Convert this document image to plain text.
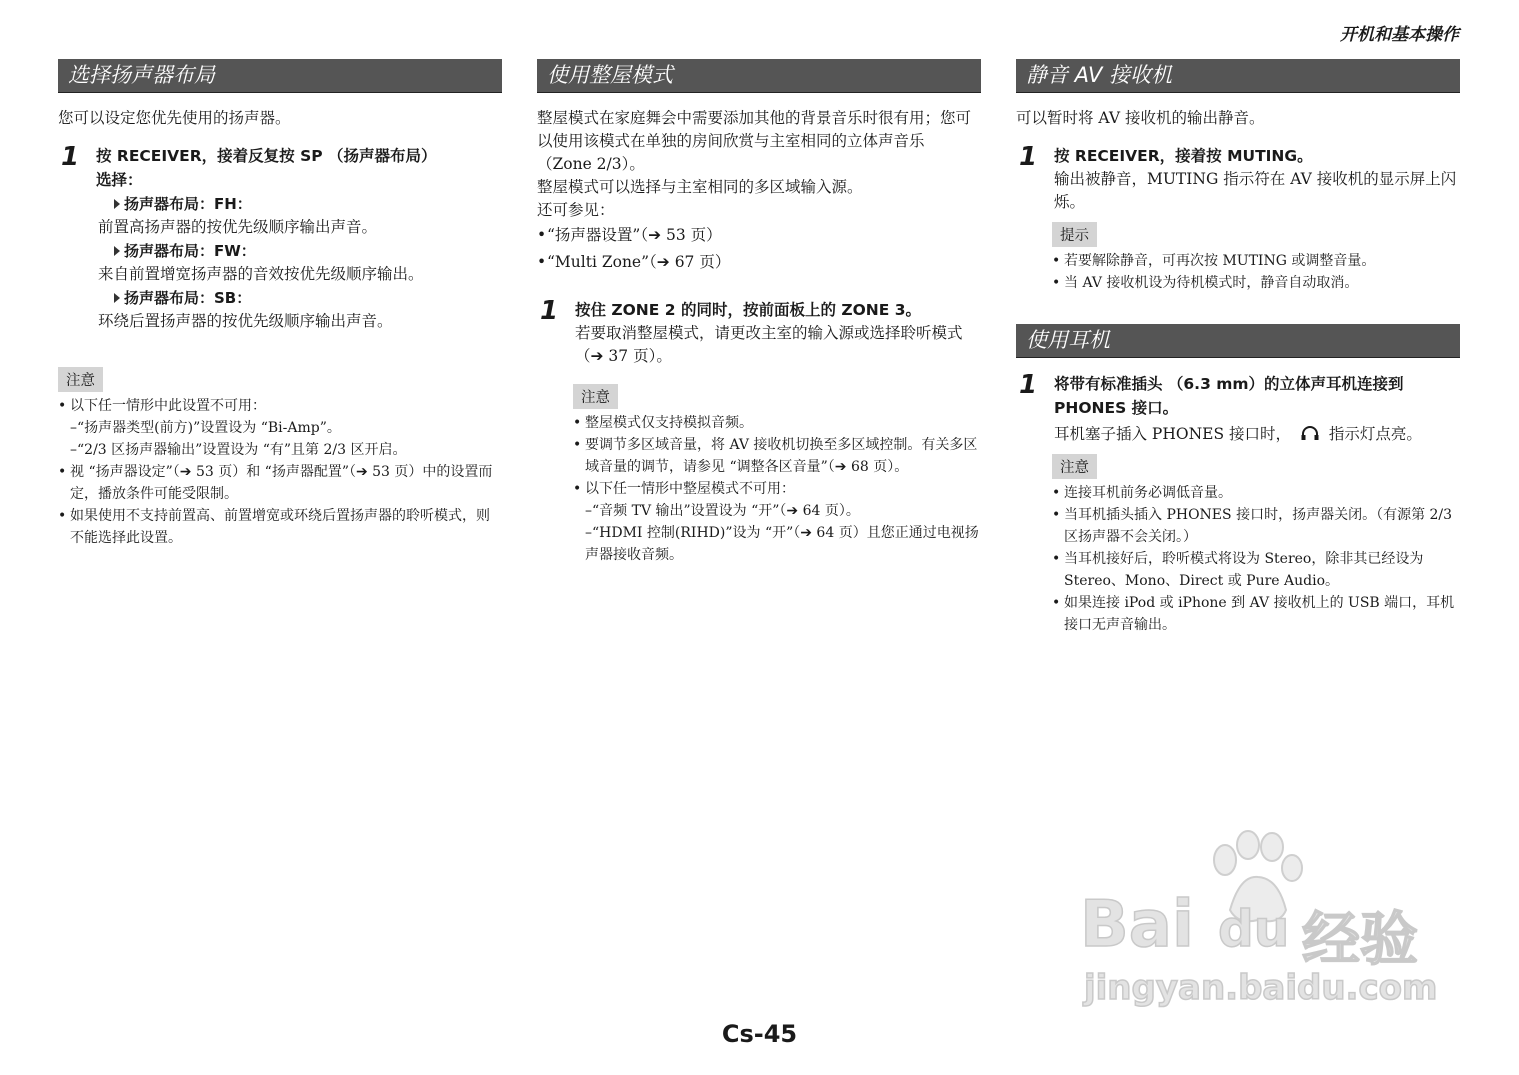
开机和基本操作
选择扬声器布局

您可以设定您优先使用的扬声器。

1 按 RECEIVER，接着反复按 SP （扬声器布局）
选择：
扬声器布局：FH：
前置高扬声器的按优先级顺序输出声音。
扬声器布局：FW：
来自前置增宽扬声器的音效按优先级顺序输出。
扬声器布局：SB：
环绕后置扬声器的按优先级顺序输出声音。
注意
• 以下任一情形中此设置不可用：
–“扬声器类型(前方)”设置设为 “Bi-Amp”。
–“2/3 区扬声器输出”设置设为 “有”且第 2/3 区开启。
• 视 “扬声器设定”（➔ 53 页）和 “扬声器配置”（➔ 53 页）中的设置而定，播放条件可能受限制。
• 如果使用不支持前置高、前置增宽或环绕后置扬声器的聆听模式，则不能选择此设置。
使用整屋模式

整屋模式在家庭舞会中需要添加其他的背景音乐时很有用；您可以使用该模式在单独的房间欣赏与主室相同的立体声音乐 （Zone 2/3）。

整屋模式可以选择与主室相同的多区域输入源。

还可参见：

• “扬声器设置”（➔ 53 页）
• “Multi Zone”（➔ 67 页）
1 按住 ZONE 2 的同时，按前面板上的 ZONE 3。
若要取消整屋模式，请更改主室的输入源或选择聆听模式 （➔ 37 页）。
注意
• 整屋模式仅支持模拟音频。
• 要调节多区域音量，将 AV 接收机切换至多区域控制。有关多区域音量的调节，请参见 “调整各区音量”（➔ 68 页）。
• 以下任一情形中整屋模式不可用：
–“音频 TV 输出”设置设为 “开”（➔ 64 页）。
–“HDMI 控制(RIHD)”设为 “开”（➔ 64 页）且您正通过电视扬声器接收音频。
静音 AV 接收机

可以暂时将 AV 接收机的输出静音。

1 按 RECEIVER，接着按 MUTING。
输出被静音，MUTING 指示符在 AV 接收机的显示屏上闪烁。
提示
• 若要解除静音，可再次按 MUTING 或调整音量。
• 当 AV 接收机设为待机模式时，静音自动取消。
使用耳机
1 将带有标准插头 （6.3 mm）的立体声耳机连接到 PHONES 接口。
耳机塞子插入 PHONES 接口时， 指示灯点亮。
注意
• 连接耳机前务必调低音量。
• 当耳机插头插入 PHONES 接口时，扬声器关闭。（有源第 2/3 区扬声器不会关闭。）
• 当耳机接好后，聆听模式将设为 Stereo，除非其已经设为 Stereo、Mono、Direct 或 Pure Audio。
• 如果连接 iPod 或 iPhone 到 AV 接收机上的 USB 端口，耳机接口无声音输出。
Bai du 经验
jingyan.baidu.com
Cs-45
